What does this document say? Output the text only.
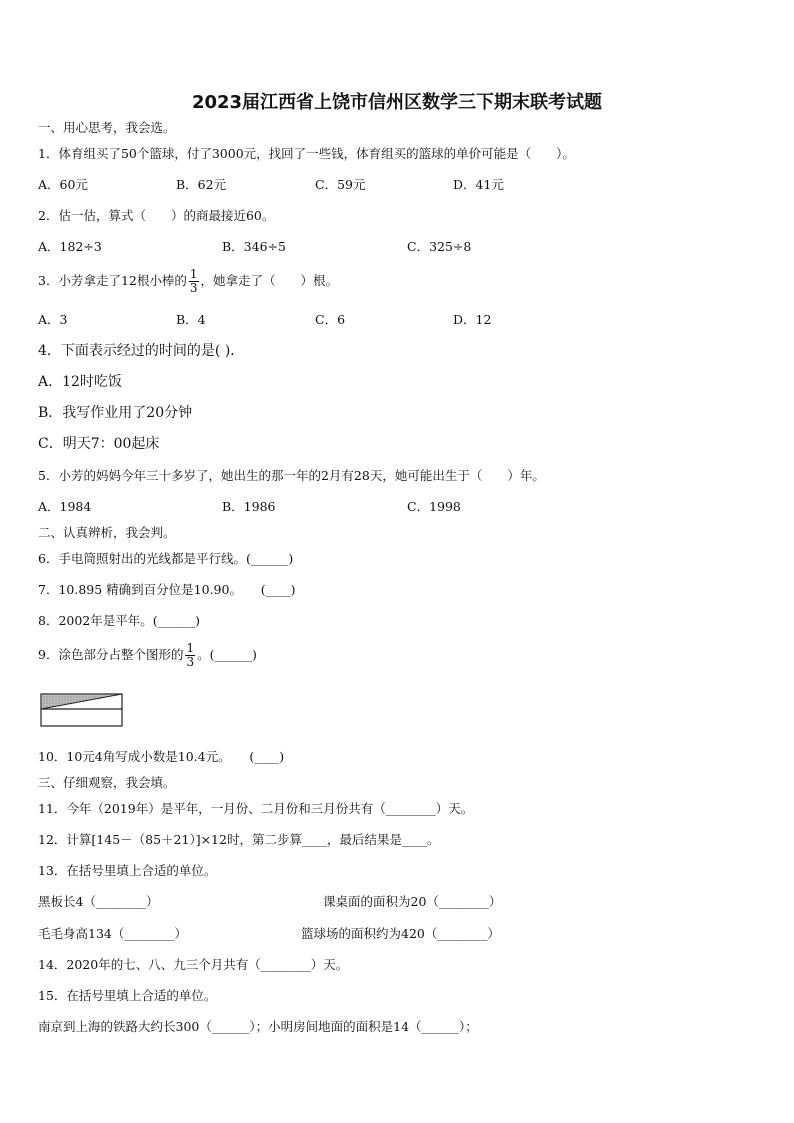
2023届江西省上饶市信州区数学三下期末联考试题
一、用心思考，我会选。
1．体育组买了50个篮球，付了3000元，找回了一些钱，体育组买的篮球的单价可能是（　　）。
A．60元	B．62元	C．59元	D．41元
2．估一估，算式（　　）的商最接近60。
A．182÷3	B．346÷5	C．325÷8
3．小芳拿走了12根小棒的 $\frac{1}{3}$ ，她拿走了（　　）根。
A．3	B．4	C．6	D．12
4．下面表示经过的时间的是( )．
A．12时吃饭
B．我写作业用了20分钟
C．明天7：00起床
5．小芳的妈妈今年三十多岁了，她出生的那一年的2月有28天，她可能出生于（　　）年。
A．1984	B．1986	C．1998
二、认真辨析，我会判。
6．手电筒照射出的光线都是平行线。(______)
7．10.895 精确到百分位是10.90。　　(____)
8．2002年是平年。(______)
9．涂色部分占整个图形的 $\frac{1}{3}$ 。(______)
10．10元4角写成小数是10.4元。　　(____)
三、仔细观察，我会填。
11．今年（2019年）是平年，一月份、二月份和三月份共有（________）天。
12．计算[145－（85＋21）]×12时，第二步算____，最后结果是____。
13．在括号里填上合适的单位。
黑板长4（________）	课桌面的面积为20（________）
毛毛身高134（________）	篮球场的面积约为420（________）
14．2020年的七、八、九三个月共有（________）天。
15．在括号里填上合适的单位。
南京到上海的铁路大约长300（______）；小明房间地面的面积是14（______）；
